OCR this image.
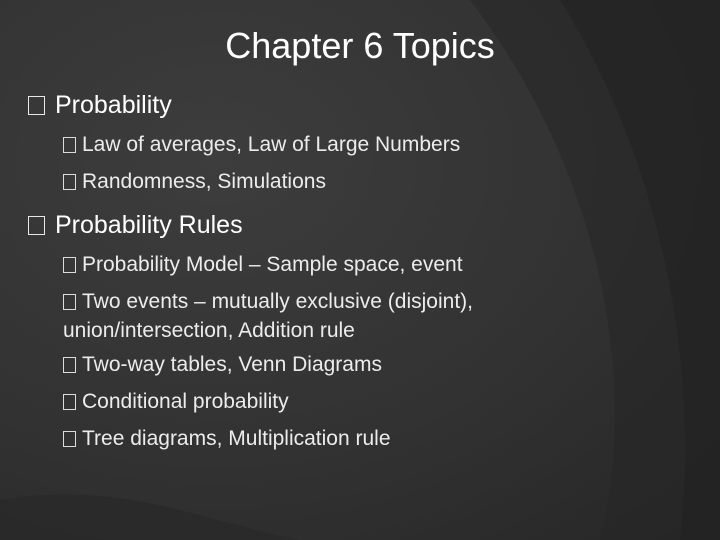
Chapter 6 Topics
Probability
Law of averages, Law of Large Numbers
Randomness, Simulations
Probability Rules
Probability Model – Sample space, event
Two events – mutually exclusive (disjoint),
union/intersection, Addition rule
Two-way tables, Venn Diagrams
Conditional probability
Tree diagrams, Multiplication rule
